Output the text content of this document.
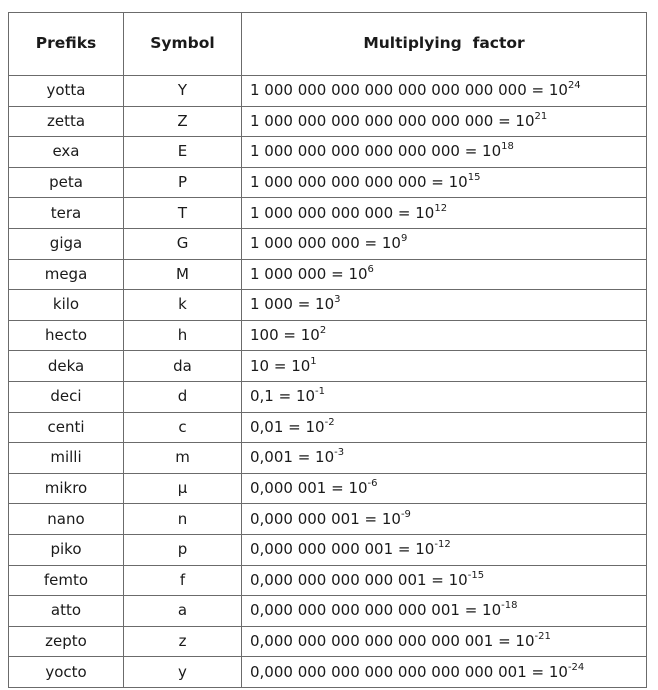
Prefiks	Symbol	Multiplying  factor
yotta	Y	1 000 000 000 000 000 000 000 $000 = 10^{24}$
zetta	Z	1 000 000 000 000 000 000 $000 = 10^{21}$
exa	E	1 000 000 000 000 000 $000 = 10^{18}$
peta	P	1 000 000 000 000 $000 = 10^{15}$
tera	T	1 000 000 000 $000 = 10^{12}$
giga	G	1 000 000 $000 = 10^9$
mega	M	1 000 $000 = 10^6$
kilo	k	1 $000 = 10^3$
hecto	h	$100 = 10^2$
deka	da	$10 = 10^1$
deci	d	$0,1 = 10^{-1}$
centi	c	$0,01 = 10^{-2}$
milli	m	$0,001 = 10^{-3}$
mikro	μ	0,000 $001 = 10^{-6}$
nano	n	0,000 000 $001 = 10^{-9}$
piko	p	0,000 000 000 $001 = 10^{-12}$
femto	f	0,000 000 000 000 $001 = 10^{-15}$
atto	a	0,000 000 000 000 000 $001 = 10^{-18}$
zepto	z	0,000 000 000 000 000 000 $001 = 10^{-21}$
yocto	y	0,000 000 000 000 000 000 000 $001 = 10^{-24}$
